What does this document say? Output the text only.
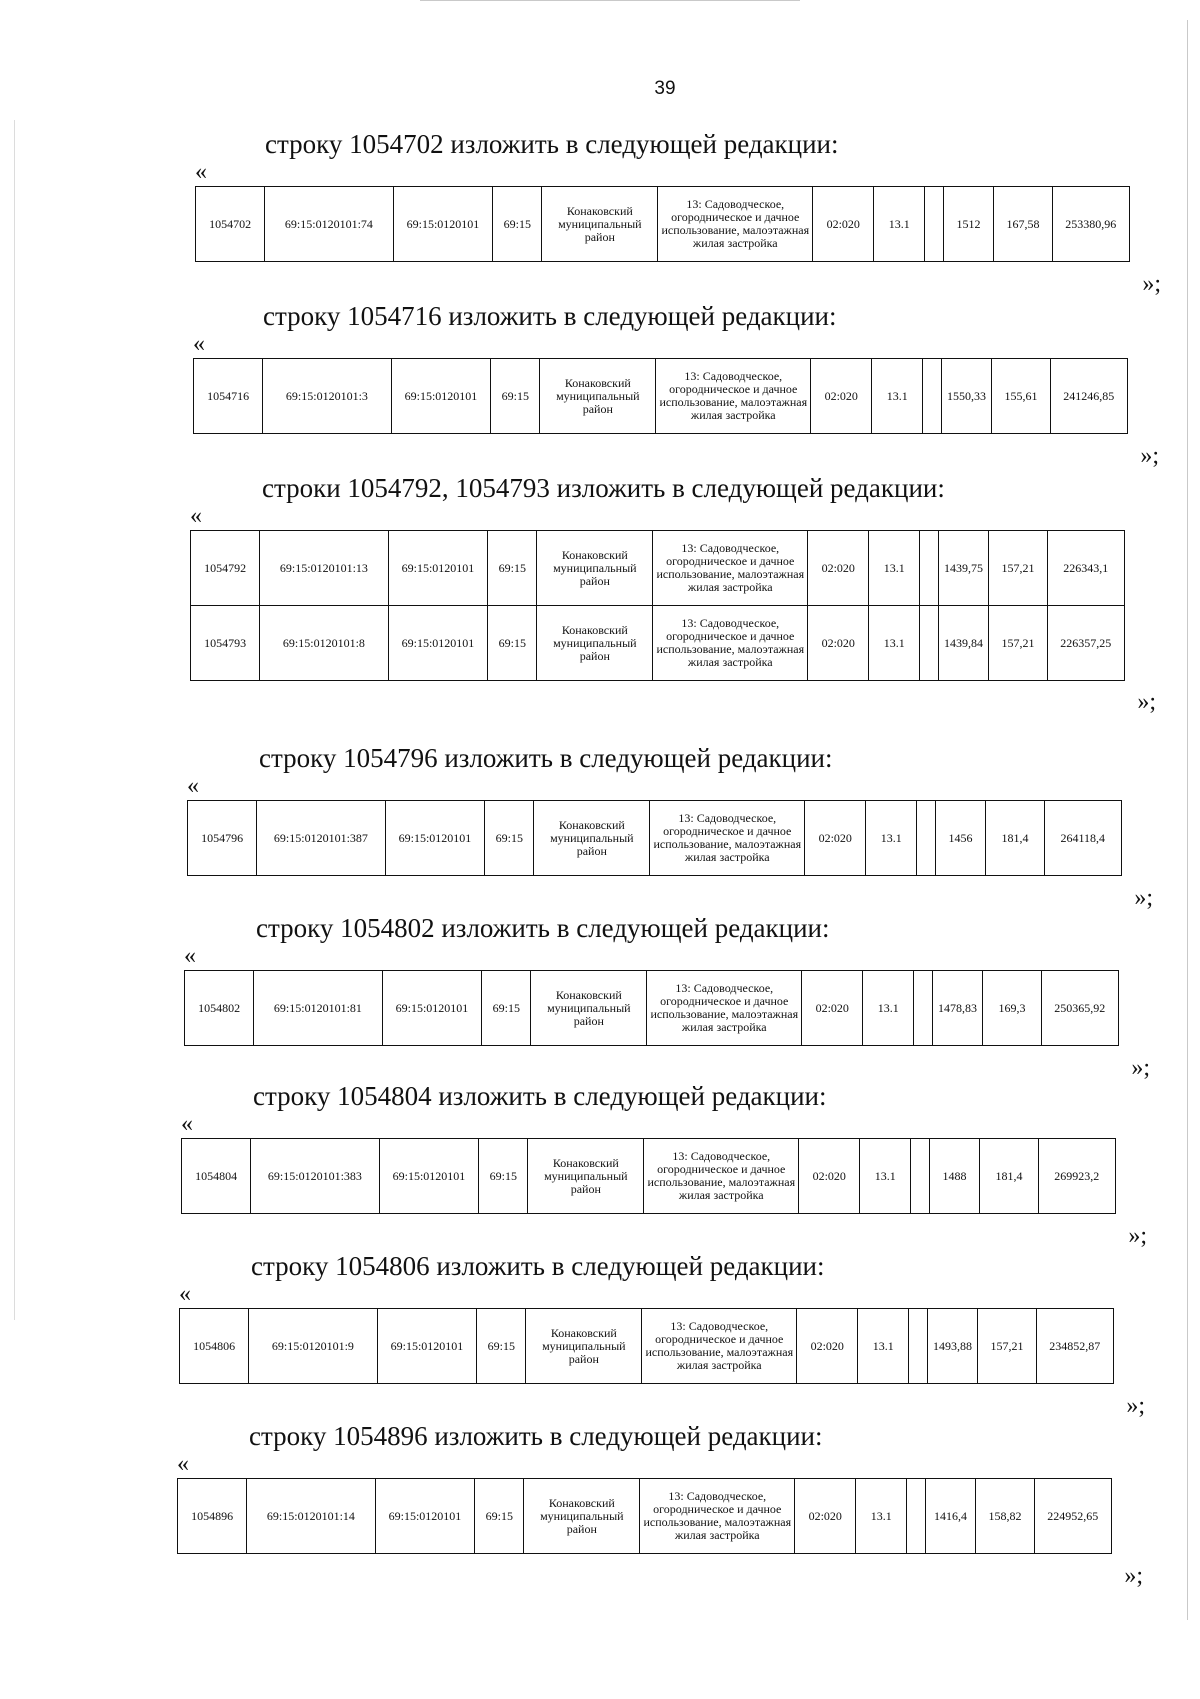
39
строку 1054702 изложить в следующей редакции:
«
1054702	69:15:0120101:74	69:15:0120101	69:15	Конаковский муниципальный район	13: Садоводческое, огородническое и дачное использование, малоэтажная жилая застройка	02:020	13.1		1512	167,58	253380,96
»;
строку 1054716 изложить в следующей редакции:
«
1054716	69:15:0120101:3	69:15:0120101	69:15	Конаковский муниципальный район	13: Садоводческое, огородническое и дачное использование, малоэтажная жилая застройка	02:020	13.1		1550,33	155,61	241246,85
»;
строки 1054792, 1054793 изложить в следующей редакции:
«
1054792	69:15:0120101:13	69:15:0120101	69:15	Конаковский муниципальный район	13: Садоводческое, огородническое и дачное использование, малоэтажная жилая застройка	02:020	13.1		1439,75	157,21	226343,1
1054793	69:15:0120101:8	69:15:0120101	69:15	Конаковский муниципальный район	13: Садоводческое, огородническое и дачное использование, малоэтажная жилая застройка	02:020	13.1		1439,84	157,21	226357,25
»;
строку 1054796 изложить в следующей редакции:
«
1054796	69:15:0120101:387	69:15:0120101	69:15	Конаковский муниципальный район	13: Садоводческое, огородническое и дачное использование, малоэтажная жилая застройка	02:020	13.1		1456	181,4	264118,4
»;
строку 1054802 изложить в следующей редакции:
«
1054802	69:15:0120101:81	69:15:0120101	69:15	Конаковский муниципальный район	13: Садоводческое, огородническое и дачное использование, малоэтажная жилая застройка	02:020	13.1		1478,83	169,3	250365,92
»;
строку 1054804 изложить в следующей редакции:
«
1054804	69:15:0120101:383	69:15:0120101	69:15	Конаковский муниципальный район	13: Садоводческое, огородническое и дачное использование, малоэтажная жилая застройка	02:020	13.1		1488	181,4	269923,2
»;
строку 1054806 изложить в следующей редакции:
«
1054806	69:15:0120101:9	69:15:0120101	69:15	Конаковский муниципальный район	13: Садоводческое, огородническое и дачное использование, малоэтажная жилая застройка	02:020	13.1		1493,88	157,21	234852,87
»;
строку 1054896 изложить в следующей редакции:
«
1054896	69:15:0120101:14	69:15:0120101	69:15	Конаковский муниципальный район	13: Садоводческое, огородническое и дачное использование, малоэтажная жилая застройка	02:020	13.1		1416,4	158,82	224952,65
»;
